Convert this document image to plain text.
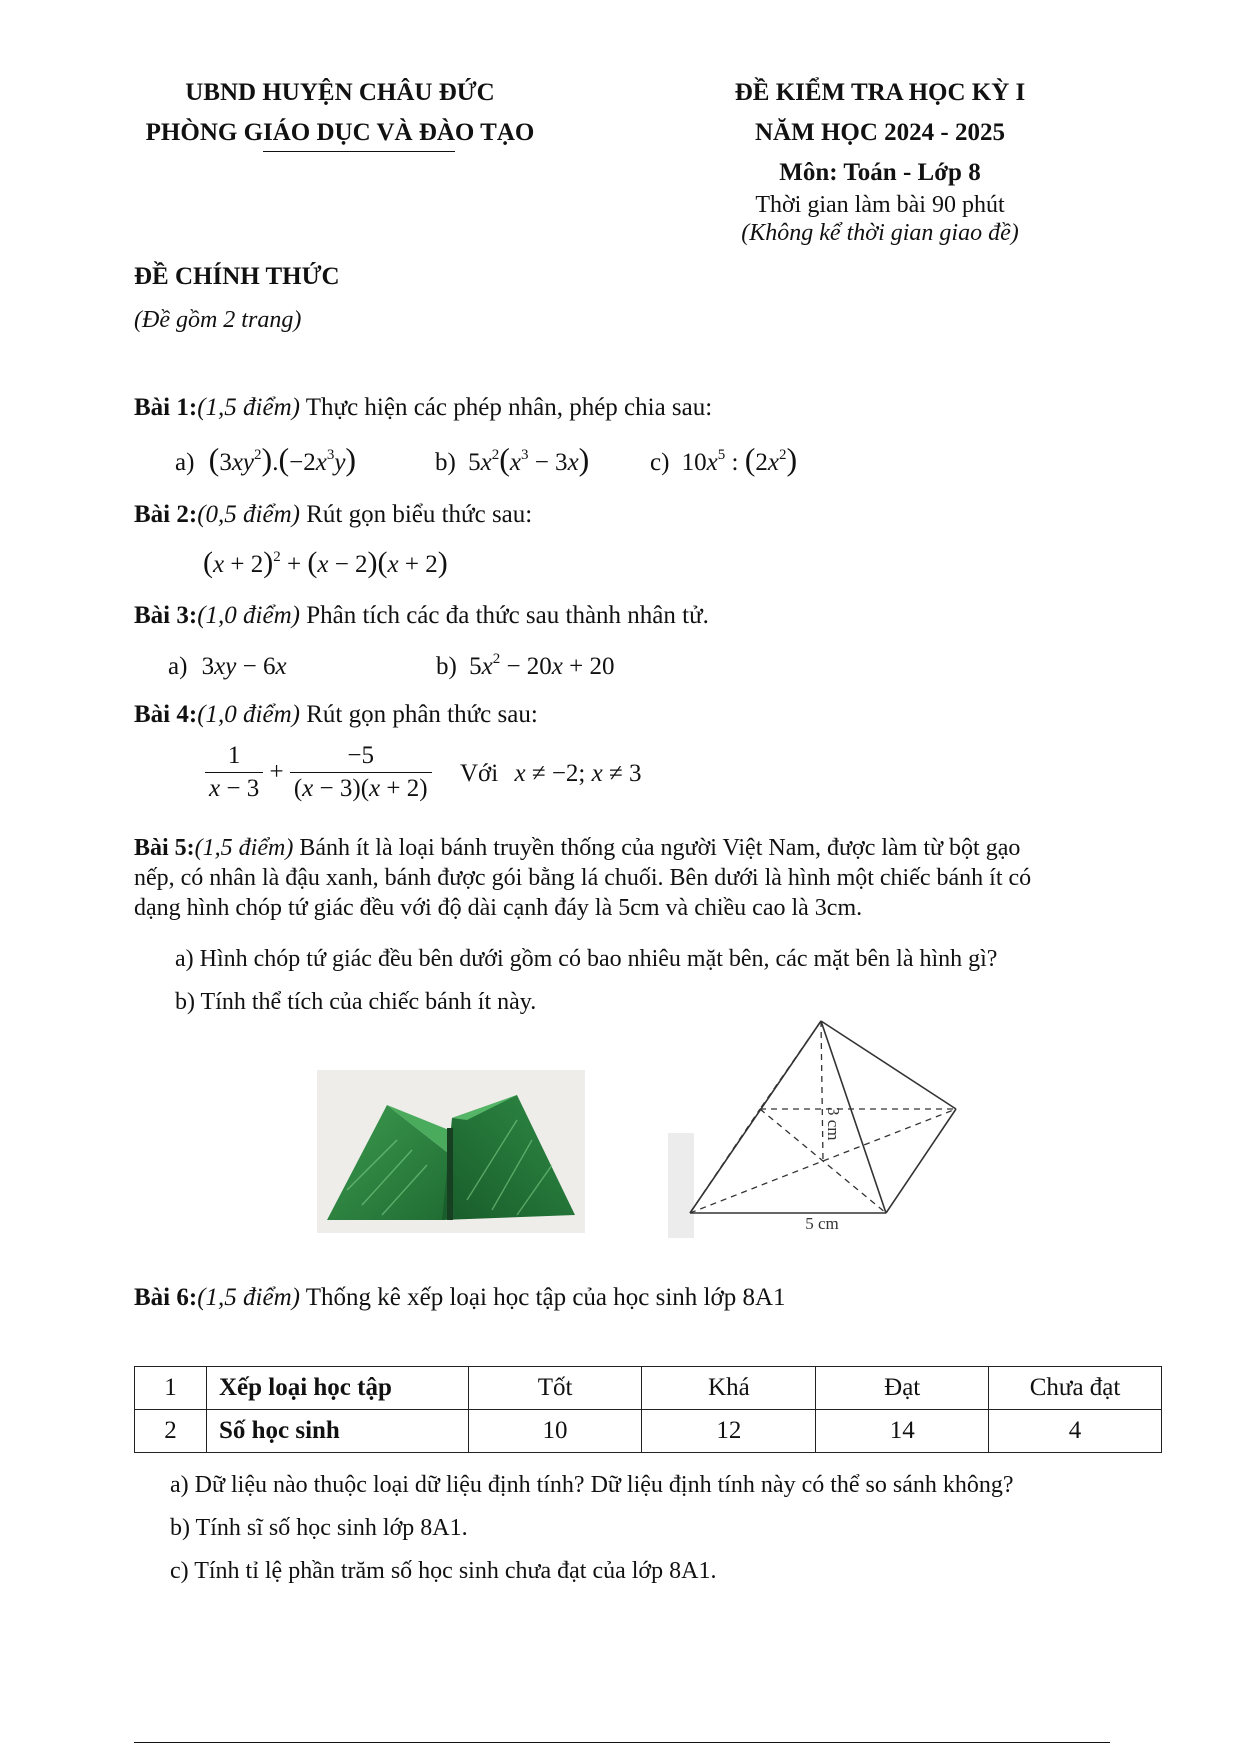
UBND HUYỆN CHÂU ĐỨC
PHÒNG GIÁO DỤC VÀ ĐÀO TẠO
ĐỀ KIỂM TRA HỌC KỲ I
NĂM HỌC 2024 - 2025
Môn: Toán - Lớp 8
Thời gian làm bài 90 phút
(Không kể thời gian giao đề)
ĐỀ CHÍNH THỨC
(Đề gồm 2 trang)
Bài 1:(1,5 điểm) Thực hiện các phép nhân, phép chia sau:
a) $(3xy^2).(-2x^3y)$	b) $5x^2(x^3 - 3x)$ c) $10x^5$ : $(2x^2)$
Bài 2:(0,5 điểm) Rút gọn biểu thức sau:
$(x + 2)^2 + (x - 2)(x + 2)$
Bài 3:(1,0 điểm) Phân tích các đa thức sau thành nhân tử.
a) 3xy − 6x	b) $5x^2 - 20x + 20$
Bài 4:(1,0 điểm) Rút gọn phân thức sau:
$\frac{1}{x - 3} + \frac{-5}{(x - 3)(x + 2)}$ Với x ≠ −2; x ≠ 3
Bài 5:(1,5 điểm) Bánh ít là loại bánh truyền thống của người Việt Nam, được làm từ bột gạo
nếp, có nhân là đậu xanh, bánh được gói bằng lá chuối. Bên dưới là hình một chiếc bánh ít có
dạng hình chóp tứ giác đều với độ dài cạnh đáy là 5cm và chiều cao là 3cm.
a) Hình chóp tứ giác đều bên dưới gồm có bao nhiêu mặt bên, các mặt bên là hình gì?
b) Tính thể tích của chiếc bánh ít này.
5 cm
3 cm
Bài 6:(1,5 điểm) Thống kê xếp loại học tập của học sinh lớp 8A1
1	Xếp loại học tập	Tốt	Khá	Đạt	Chưa đạt
2	Số học sinh	10	12	14	4
a) Dữ liệu nào thuộc loại dữ liệu định tính? Dữ liệu định tính này có thể so sánh không?
b) Tính sĩ số học sinh lớp 8A1.
c) Tính tỉ lệ phần trăm số học sinh chưa đạt của lớp 8A1.
